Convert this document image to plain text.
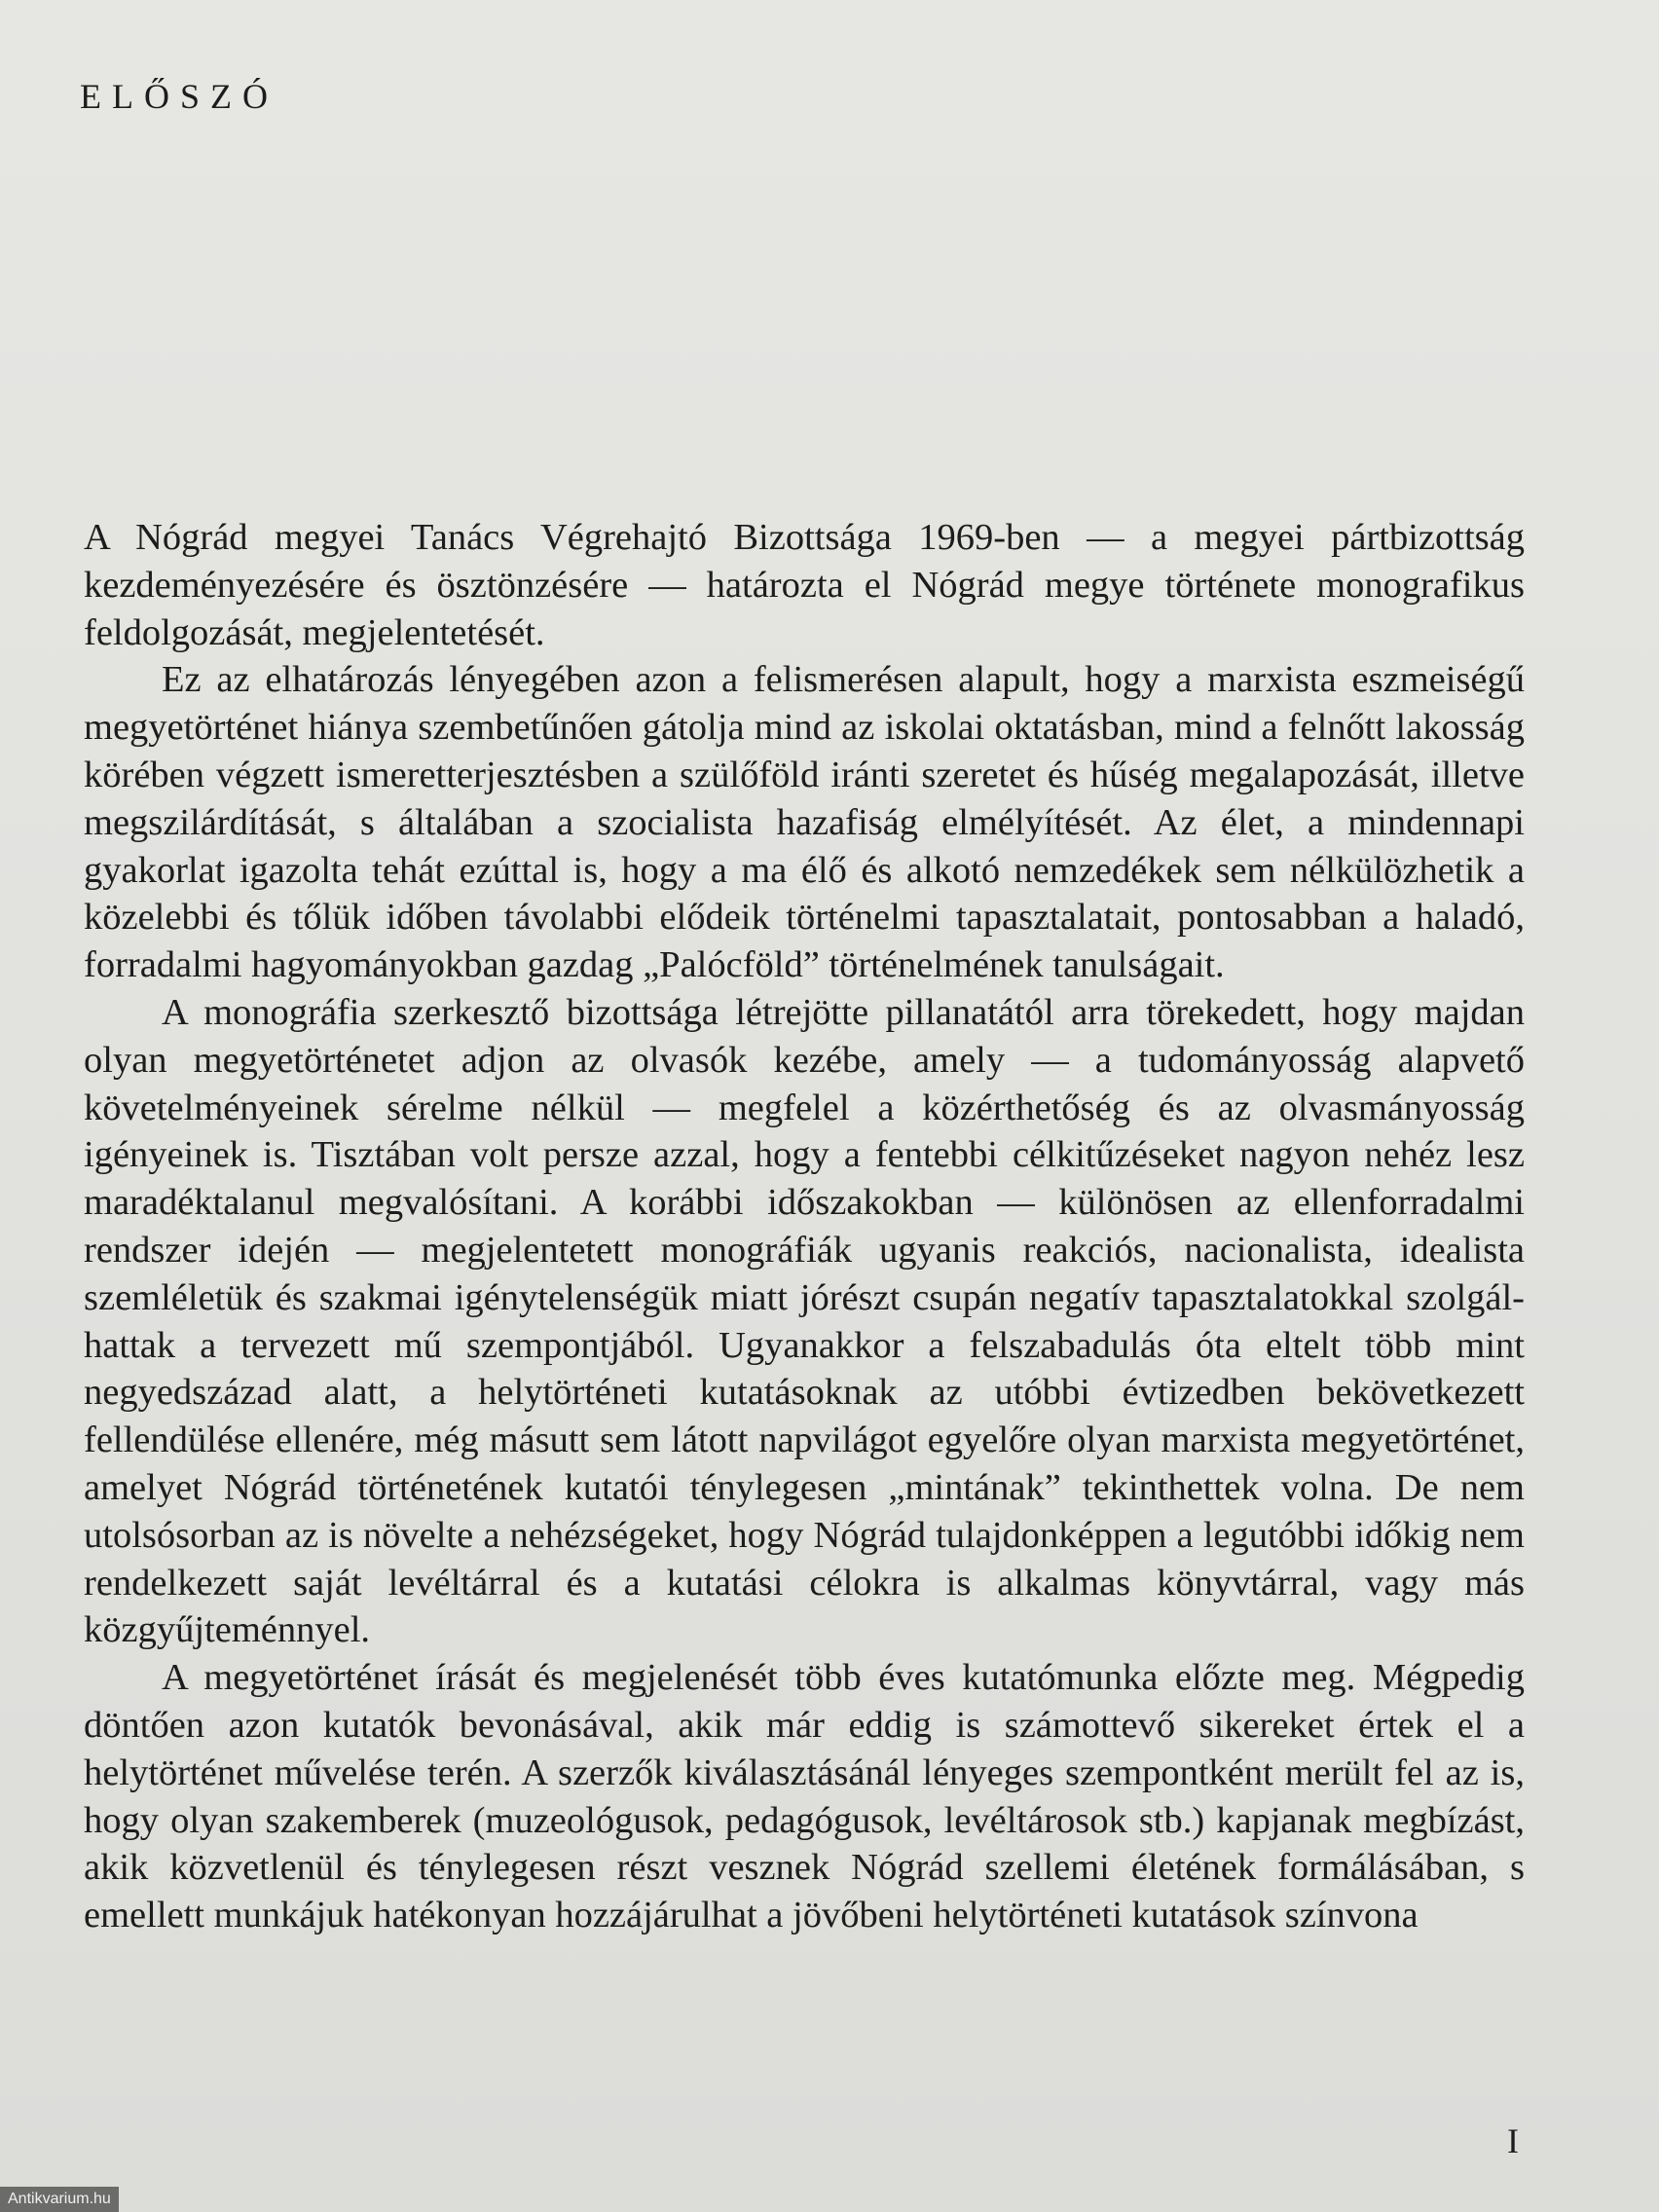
ELŐSZÓ

A Nógrád megyei Tanács Végrehajtó Bizottsága 1969-ben — a megyei pártbizottság kezdeményezésére és ösztönzésére — határozta el Nógrád megye története monografikus feldolgozását, megjelentetését.

Ez az elhatározás lényegében azon a felismerésen alapult, hogy a marxista eszmeiségű megyetörténet hiánya szembetűnően gátolja mind az iskolai oktatásban, mind a felnőtt lakosság körében végzett ismeretterjesztésben a szülőföld iránti szeretet és hűség megalapozását, illetve megszilárdítását, s általában a szocialista hazafiság elmélyítését. Az élet, a mindennapi gyakorlat igazolta tehát ezúttal is, hogy a ma élő és alkotó nemzedékek sem nélkülözhetik a közelebbi és tőlük időben távolabbi elődeik történelmi tapasztalatait, pontosabban a haladó, forradalmi hagyományokban gazdag „Palócföld” történelmének tanulságait.

A monográfia szerkesztő bizottsága létrejötte pillanatától arra törekedett, hogy majdan olyan megyetörténetet adjon az olvasók kezébe, amely — a tudományosság alapvető követelményeinek sérelme nélkül — megfelel a közérthetőség és az olvasmányosság igényeinek is. Tisztában volt persze azzal, hogy a fentebbi célkitűzéseket nagyon nehéz lesz maradéktalanul megvalósítani. A korábbi időszakokban — különösen az ellenforradalmi rendszer idején — megjelentetett monográfiák ugyanis reakciós, nacionalista, idealista szemléletük és szakmai igénytelenségük miatt jórészt csupán negatív tapasztalatokkal szolgálhattak a tervezett mű szempontjából. Ugyanakkor a felszabadulás óta eltelt több mint negyedszázad alatt, a helytörténeti kutatásoknak az utóbbi évtizedben bekövetkezett fellendülése ellenére, még másutt sem látott napvilágot egyelőre olyan marxista megyetörténet, amelyet Nógrád történetének kutatói ténylegesen „mintának” tekinthettek volna. De nem utolsósorban az is növelte a nehézségeket, hogy Nógrád tulajdonképpen a legutóbbi időkig nem rendelkezett saját levéltárral és a kutatási célokra is alkalmas könyvtárral, vagy más közgyűjteménnyel.

A megyetörténet írását és megjelenését több éves kutatómunka előzte meg. Mégpedig döntően azon kutatók bevonásával, akik már eddig is számottevő sikereket értek el a helytörténet művelése terén. A szerzők kiválasztásánál lényeges szempontként merült fel az is, hogy olyan szakemberek (muzeológusok, pedagógusok, levéltárosok stb.) kapjanak megbízást, akik közvetlenül és ténylegesen részt vesznek Nógrád szellemi életének formálásában, s emellett munkájuk hatékonyan hozzájárulhat a jövőbeni helytörténeti kutatások színvona

I
Antikvarium.hu
